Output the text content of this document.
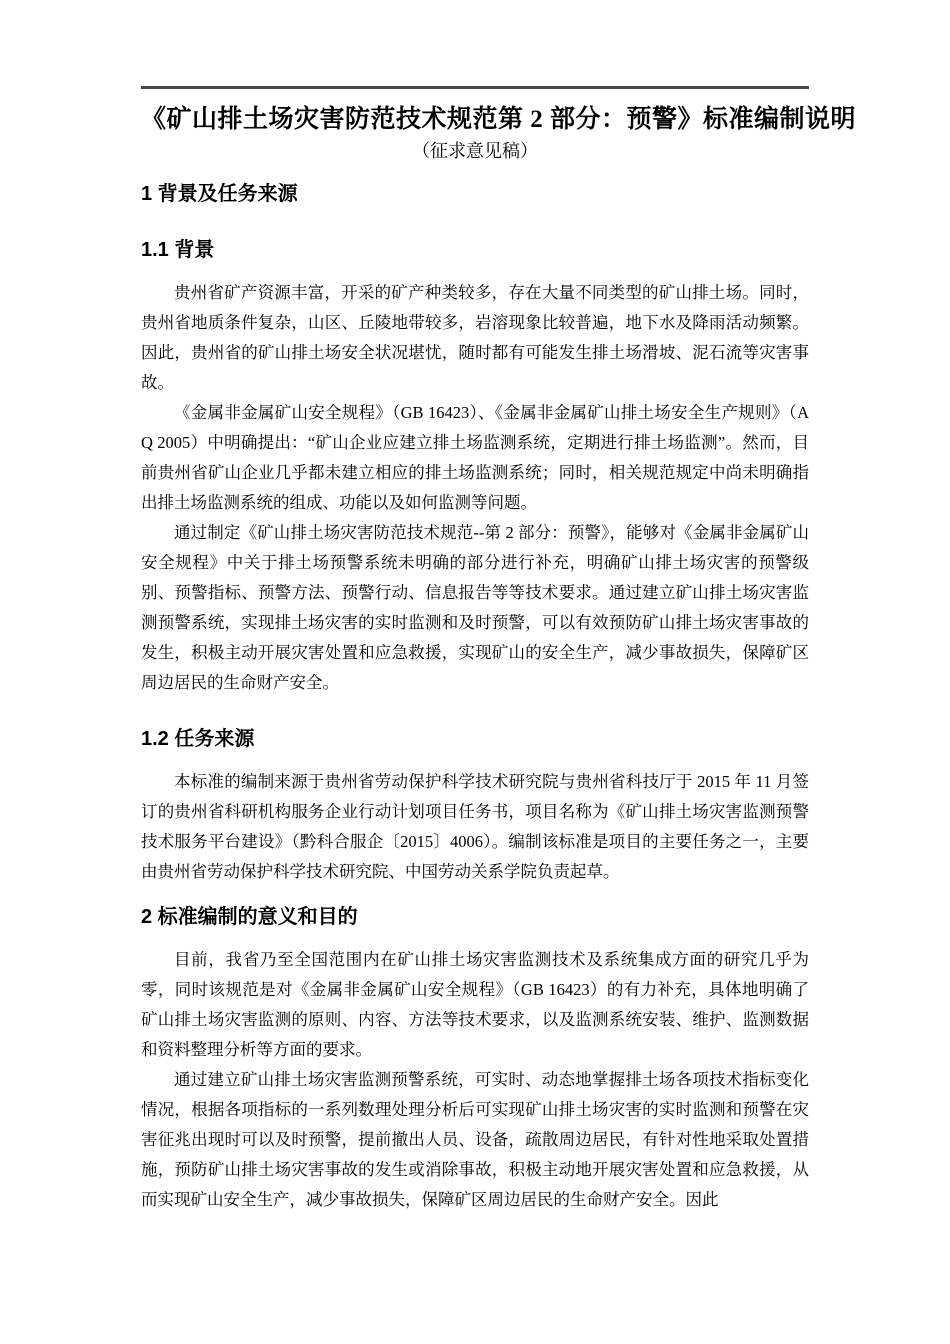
《矿山排土场灾害防范技术规范第 2 部分：预警》标准编制说明

（征求意见稿）

1 背景及任务来源
1.1 背景

贵州省矿产资源丰富，开采的矿产种类较多，存在大量不同类型的矿山排土场。同时，贵州省地质条件复杂，山区、丘陵地带较多，岩溶现象比较普遍，地下水及降雨活动频繁。因此，贵州省的矿山排土场安全状况堪忧，随时都有可能发生排土场滑坡、泥石流等灾害事故。

《金属非金属矿山安全规程》（GB 16423）、《金属非金属矿山排土场安全生产规则》（AQ 2005）中明确提出：“矿山企业应建立排土场监测系统，定期进行排土场监测”。然而，目前贵州省矿山企业几乎都未建立相应的排土场监测系统；同时，相关规范规定中尚未明确指出排土场监测系统的组成、功能以及如何监测等问题。

通过制定《矿山排土场灾害防范技术规范--第 2 部分：预警》，能够对《金属非金属矿山安全规程》中关于排土场预警系统未明确的部分进行补充，明确矿山排土场灾害的预警级别、预警指标、预警方法、预警行动、信息报告等等技术要求。通过建立矿山排土场灾害监测预警系统，实现排土场灾害的实时监测和及时预警，可以有效预防矿山排土场灾害事故的发生，积极主动开展灾害处置和应急救援，实现矿山的安全生产，减少事故损失，保障矿区周边居民的生命财产安全。

1.2 任务来源

本标准的编制来源于贵州省劳动保护科学技术研究院与贵州省科技厅于 2015 年 11 月签订的贵州省科研机构服务企业行动计划项目任务书，项目名称为《矿山排土场灾害监测预警技术服务平台建设》（黔科合服企〔2015〕4006）。编制该标准是项目的主要任务之一，主要由贵州省劳动保护科学技术研究院、中国劳动关系学院负责起草。

2 标准编制的意义和目的

目前，我省乃至全国范围内在矿山排土场灾害监测技术及系统集成方面的研究几乎为零，同时该规范是对《金属非金属矿山安全规程》（GB 16423）的有力补充，具体地明确了矿山排土场灾害监测的原则、内容、方法等技术要求，以及监测系统安装、维护、监测数据和资料整理分析等方面的要求。

通过建立矿山排土场灾害监测预警系统，可实时、动态地掌握排土场各项技术指标变化情况，根据各项指标的一系列数理处理分析后可实现矿山排土场灾害的实时监测和预警在灾害征兆出现时可以及时预警，提前撤出人员、设备，疏散周边居民，有针对性地采取处置措施，预防矿山排土场灾害事故的发生或消除事故，积极主动地开展灾害处置和应急救援，从而实现矿山安全生产，减少事故损失，保障矿区周边居民的生命财产安全。因此
